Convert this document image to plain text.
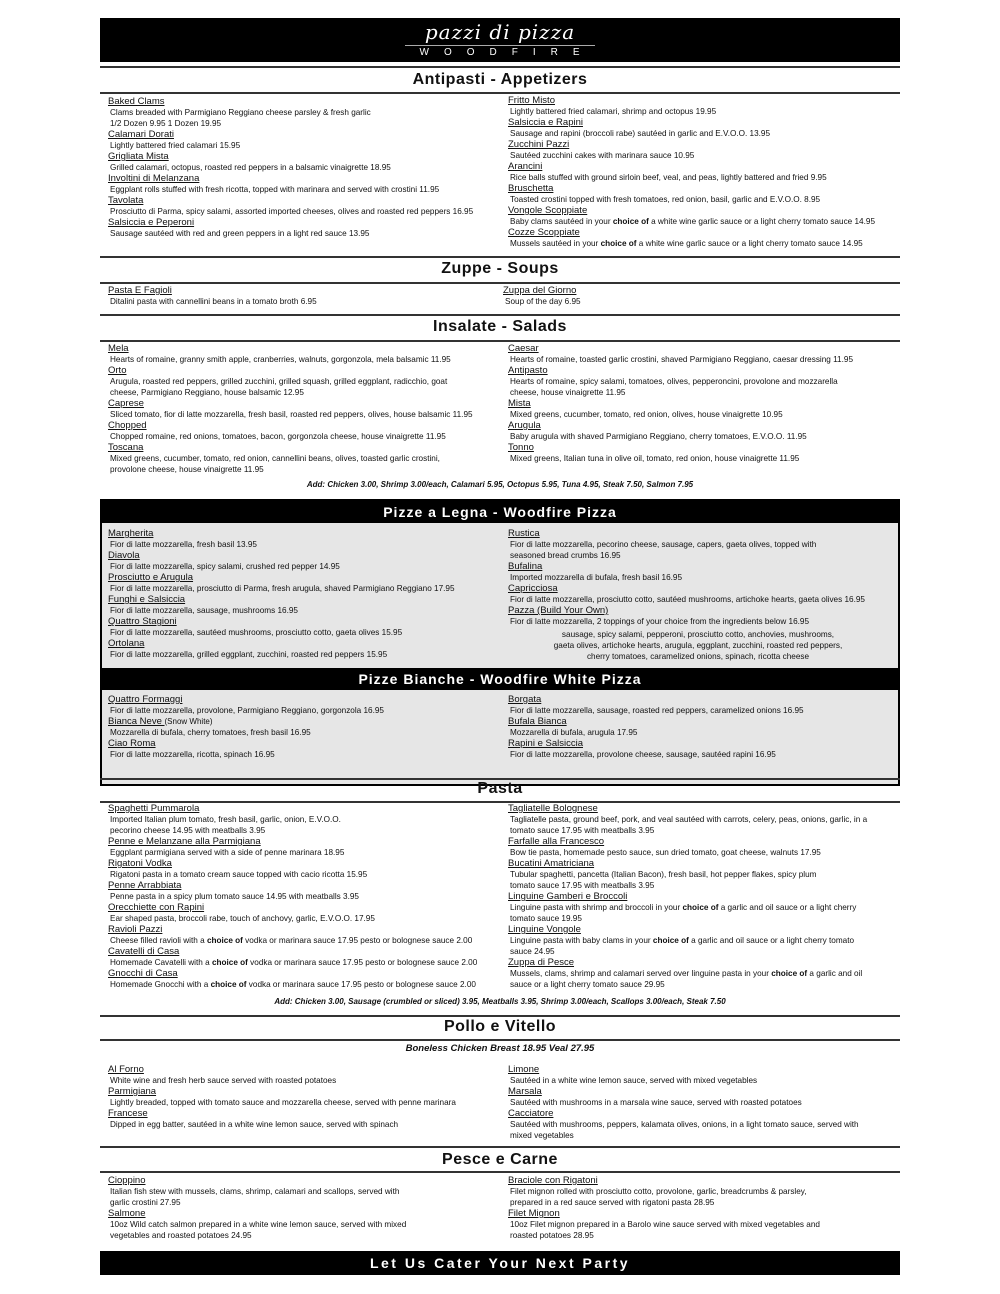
pazzi di pizza
WOODFIRE
Antipasti - Appetizers
Baked Clams
Clams breaded with Parmigiano Reggiano cheese parsley & fresh garlic
1/2 Dozen 9.95 1 Dozen 19.95
Calamari Dorati
Lightly battered fried calamari 15.95
Grigliata Mista
Grilled calamari, octopus, roasted red peppers in a balsamic vinaigrette 18.95
Involtini di Melanzana
Eggplant rolls stuffed with fresh ricotta, topped with marinara and served with crostini 11.95
Tavolata
Prosciutto di Parma, spicy salami, assorted imported cheeses, olives and roasted red peppers 16.95
Salsiccia e Peperoni
Sausage sautéed with red and green peppers in a light red sauce 13.95
Fritto Misto
Lightly battered fried calamari, shrimp and octopus 19.95
Salsiccia e Rapini
Sausage and rapini (broccoli rabe) sautéed in garlic and E.V.O.O. 13.95
Zucchini Pazzi
Sautéed zucchini cakes with marinara sauce 10.95
Arancini
Rice balls stuffed with ground sirloin beef, veal, and peas, lightly battered and fried 9.95
Bruschetta
Toasted crostini topped with fresh tomatoes, red onion, basil, garlic and E.V.O.O. 8.95
Vongole Scoppiate
Baby clams sautéed in your choice of a white wine garlic sauce or a light cherry tomato sauce 14.95
Cozze Scoppiate
Mussels sautéed in your choice of a white wine garlic sauce or a light cherry tomato sauce 14.95
Zuppe - Soups
Pasta E Fagioli
Ditalini pasta with cannellini beans in a tomato broth 6.95
Zuppa del Giorno
Soup of the day 6.95
Insalate - Salads
Mela
Hearts of romaine, granny smith apple, cranberries, walnuts, gorgonzola, mela balsamic 11.95
Orto
Arugula, roasted red peppers, grilled zucchini, grilled squash, grilled eggplant, radicchio, goat
cheese, Parmigiano Reggiano, house balsamic 12.95
Caprese
Sliced tomato, fior di latte mozzarella, fresh basil, roasted red peppers, olives, house balsamic 11.95
Chopped
Chopped romaine, red onions, tomatoes, bacon, gorgonzola cheese, house vinaigrette 11.95
Toscana
Mixed greens, cucumber, tomato, red onion, cannellini beans, olives, toasted garlic crostini,
provolone cheese, house vinaigrette 11.95
Caesar
Hearts of romaine, toasted garlic crostini, shaved Parmigiano Reggiano, caesar dressing 11.95
Antipasto
Hearts of romaine, spicy salami, tomatoes, olives, pepperoncini, provolone and mozzarella
cheese, house vinaigrette 11.95
Mista
Mixed greens, cucumber, tomato, red onion, olives, house vinaigrette 10.95
Arugula
Baby arugula with shaved Parmigiano Reggiano, cherry tomatoes, E.V.O.O. 11.95
Tonno
Mixed greens, Italian tuna in olive oil, tomato, red onion, house vinaigrette 11.95
Add: Chicken 3.00, Shrimp 3.00/each, Calamari 5.95, Octopus 5.95, Tuna 4.95, Steak 7.50, Salmon 7.95
Pizze a Legna - Woodfire Pizza
Margherita
Fior di latte mozzarella, fresh basil 13.95
Diavola
Fior di latte mozzarella, spicy salami, crushed red pepper 14.95
Prosciutto e Arugula
Fior di latte mozzarella, prosciutto di Parma, fresh arugula, shaved Parmigiano Reggiano 17.95
Funghi e Salsiccia
Fior di latte mozzarella, sausage, mushrooms 16.95
Quattro Stagioni
Fior di latte mozzarella, sautéed mushrooms, prosciutto cotto, gaeta olives 15.95
Ortolana
Fior di latte mozzarella, grilled eggplant, zucchini, roasted red peppers 15.95
Rustica
Fior di latte mozzarella, pecorino cheese, sausage, capers, gaeta olives, topped with
seasoned bread crumbs 16.95
Bufalina
Imported mozzarella di bufala, fresh basil 16.95
Capricciosa
Fior di latte mozzarella, prosciutto cotto, sautéed mushrooms, artichoke hearts, gaeta olives 16.95
Pazza (Build Your Own)
Fior di latte mozzarella, 2 toppings of your choice from the ingredients below 16.95
sausage, spicy salami, pepperoni, prosciutto cotto, anchovies, mushrooms,
gaeta olives, artichoke hearts, arugula, eggplant, zucchini, roasted red peppers,
cherry tomatoes, caramelized onions, spinach, ricotta cheese
Pizze Bianche - Woodfire White Pizza
Quattro Formaggi
Fior di latte mozzarella, provolone, Parmigiano Reggiano, gorgonzola 16.95
Bianca Neve (Snow White)
Mozzarella di bufala, cherry tomatoes, fresh basil 16.95
Ciao Roma
Fior di latte mozzarella, ricotta, spinach 16.95
Borgata
Fior di latte mozzarella, sausage, roasted red peppers, caramelized onions 16.95
Bufala Bianca
Mozzarella di bufala, arugula 17.95
Rapini e Salsiccia
Fior di latte mozzarella, provolone cheese, sausage, sautéed rapini 16.95
Pasta
Spaghetti Pummarola
Imported Italian plum tomato, fresh basil, garlic, onion, E.V.O.O.
pecorino cheese 14.95 with meatballs 3.95
Penne e Melanzane alla Parmigiana
Eggplant parmigiana served with a side of penne marinara 18.95
Rigatoni Vodka
Rigatoni pasta in a tomato cream sauce topped with cacio ricotta 15.95
Penne Arrabbiata
Penne pasta in a spicy plum tomato sauce 14.95 with meatballs 3.95
Orecchiette con Rapini
Ear shaped pasta, broccoli rabe, touch of anchovy, garlic, E.V.O.O. 17.95
Ravioli Pazzi
Cheese filled ravioli with a choice of vodka or marinara sauce 17.95 pesto or bolognese sauce 2.00
Cavatelli di Casa
Homemade Cavatelli with a choice of vodka or marinara sauce 17.95 pesto or bolognese sauce 2.00
Gnocchi di Casa
Homemade Gnocchi with a choice of vodka or marinara sauce 17.95 pesto or bolognese sauce 2.00
Tagliatelle Bolognese
Tagliatelle pasta, ground beef, pork, and veal sautéed with carrots, celery, peas, onions, garlic, in a
tomato sauce 17.95 with meatballs 3.95
Farfalle alla Francesco
Bow tie pasta, homemade pesto sauce, sun dried tomato, goat cheese, walnuts 17.95
Bucatini Amatriciana
Tubular spaghetti, pancetta (Italian Bacon), fresh basil, hot pepper flakes, spicy plum
tomato sauce 17.95 with meatballs 3.95
Linguine Gamberi e Broccoli
Linguine pasta with shrimp and broccoli in your choice of a garlic and oil sauce or a light cherry
tomato sauce 19.95
Linguine Vongole
Linguine pasta with baby clams in your choice of a garlic and oil sauce or a light cherry tomato
sauce 24.95
Zuppa di Pesce
Mussels, clams, shrimp and calamari served over linguine pasta in your choice of a garlic and oil
sauce or a light cherry tomato sauce 29.95
Add: Chicken 3.00, Sausage (crumbled or sliced) 3.95, Meatballs 3.95, Shrimp 3.00/each, Scallops 3.00/each, Steak 7.50
Pollo e Vitello
Boneless Chicken Breast 18.95 Veal 27.95
Al Forno
White wine and fresh herb sauce served with roasted potatoes
Parmigiana
Lightly breaded, topped with tomato sauce and mozzarella cheese, served with penne marinara
Francese
Dipped in egg batter, sautéed in a white wine lemon sauce, served with spinach
Limone
Sautéed in a white wine lemon sauce, served with mixed vegetables
Marsala
Sautéed with mushrooms in a marsala wine sauce, served with roasted potatoes
Cacciatore
Sautéed with mushrooms, peppers, kalamata olives, onions, in a light tomato sauce, served with
mixed vegetables
Pesce e Carne
Cioppino
Italian fish stew with mussels, clams, shrimp, calamari and scallops, served with
garlic crostini 27.95
Salmone
10oz Wild catch salmon prepared in a white wine lemon sauce, served with mixed
vegetables and roasted potatoes 24.95
Braciole con Rigatoni
Filet mignon rolled with prosciutto cotto, provolone, garlic, breadcrumbs & parsley,
prepared in a red sauce served with rigatoni pasta 28.95
Filet Mignon
10oz Filet mignon prepared in a Barolo wine sauce served with mixed vegetables and
roasted potatoes 28.95
Let Us Cater Your Next Party
